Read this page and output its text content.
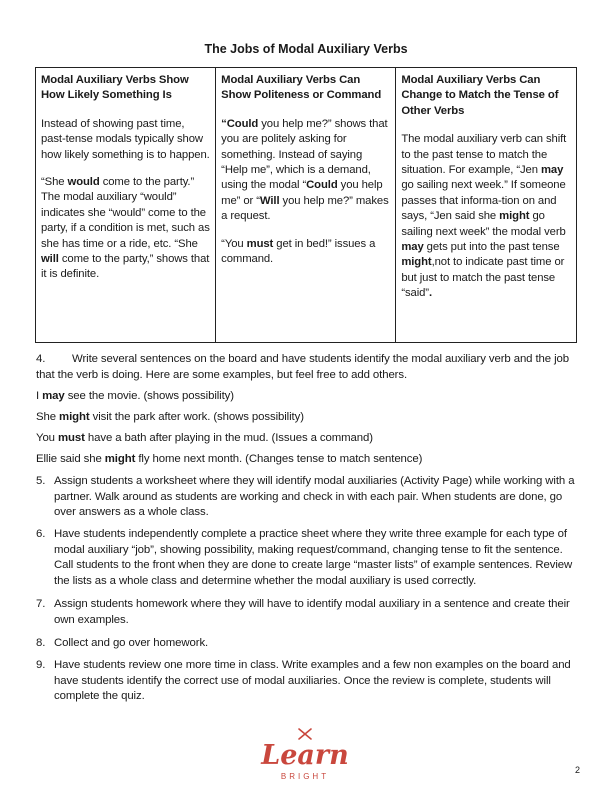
The Jobs of Modal Auxiliary Verbs
Modal Auxiliary Verbs Show How Likely Something Is
Instead of showing past time, past-tense modals typically show how likely something is to happen.
“She would come to the party.” The modal auxiliary “would” indicates she “would” come to the party, if a condition is met, such as she has time or a ride, etc. “She will come to the party,” shows that it is definite.

Modal Auxiliary Verbs Can Show Politeness or Command
“Could you help me?” shows that you are politely asking for something. Instead of saying “Help me”, which is a demand, using the modal “Could you help me” or “Will you help me?” makes a request.
“You must get in bed!” issues a command.

Modal Auxiliary Verbs Can Change to Match the Tense of Other Verbs
The modal auxiliary verb can shift to the past tense to match the situation. For example, “Jen may go sailing next week.” If someone passes that informa-tion on and says, “Jen said she might go sailing next week” the modal verb may gets put into the past tense might,not to indicate past time or but just to match the past tense “said”.
4.	Write several sentences on the board and have students identify the modal auxiliary verb and the job that the verb is doing. Here are some examples, but feel free to add others.
I may see the movie. (shows possibility)
She might visit the park after work. (shows possibility)
You must have a bath after playing in the mud. (Issues a command)
Ellie said she might fly home next month. (Changes tense to match sentence)
5. Assign students a worksheet where they will identify modal auxiliaries (Activity Page) while working with a partner. Walk around as students are working and check in with each pair. When students are done, go over answers as a whole class.
6. Have students independently complete a practice sheet where they write three example for each type of modal auxiliary “job”, showing possibility, making request/command, changing tense to fit the sentence. Call students to the front when they are done to create large “master lists” of example sentences. Review the lists as a whole class and determine whether the modal auxiliary is used correctly.
7. Assign students homework where they will have to identify modal auxiliary in a sentence and create their own examples.
8. Collect and go over homework.
9. Have students review one more time in class. Write examples and a few non examples on the board and have students identify the correct use of modal auxiliaries. Once the review is complete, students will complete the quiz.
Learn
BRIGHT
2
